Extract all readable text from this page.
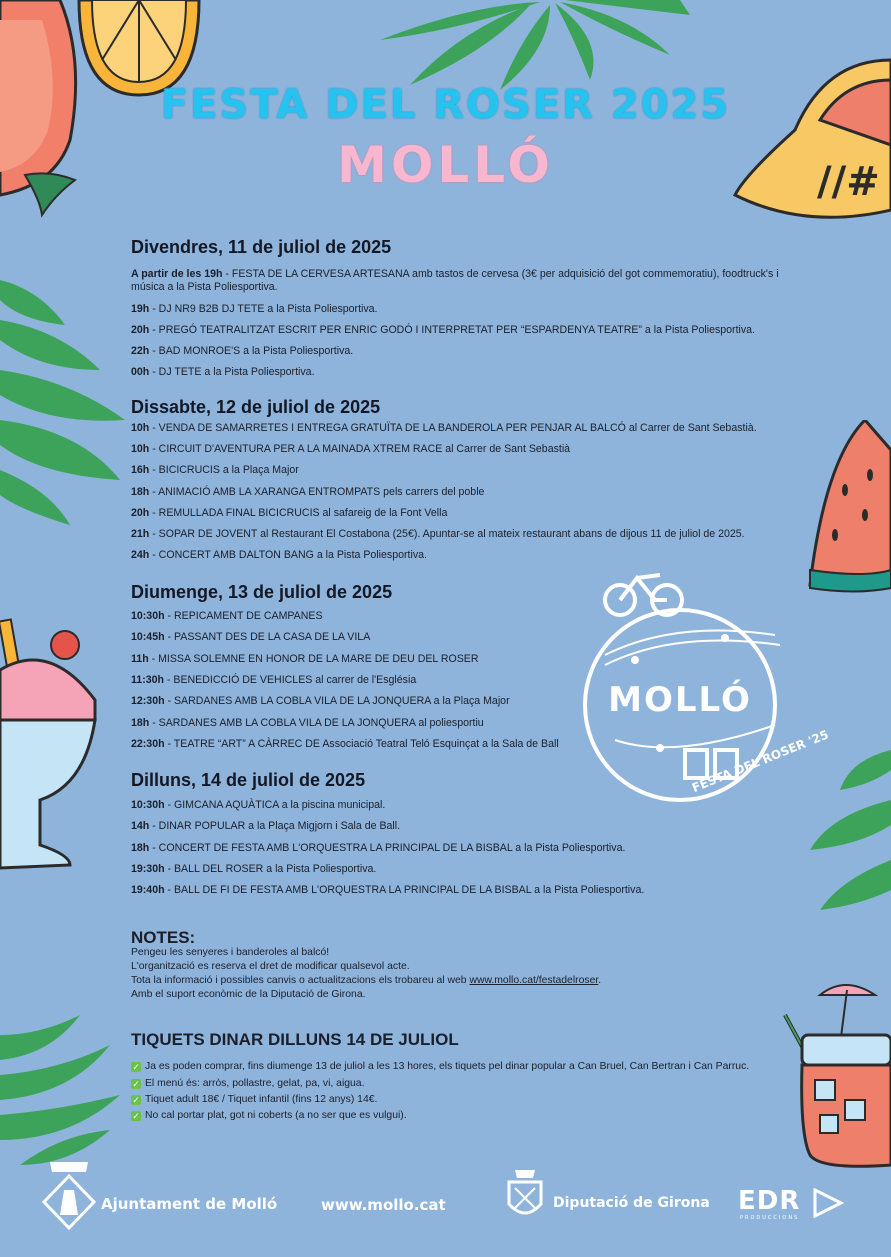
//#
MOLLÓ
FESTA DEL ROSER '25
FESTA DEL ROSER 2025
MOLLÓ
Divendres, 11 de juliol de 2025
A partir de les 19h - FESTA DE LA CERVESA ARTESANA amb tastos de cervesa (3€ per adquisició del got commemoratiu), foodtruck's i música a la Pista Poliesportiva.
19h - DJ NR9 B2B DJ TETE a la Pista Poliesportiva.
20h - PREGÓ TEATRALITZAT ESCRIT PER ENRIC GODÓ I INTERPRETAT PER “ESPARDENYA TEATRE” a la Pista Poliesportiva.
22h - BAD MONROE'S a la Pista Poliesportiva.
00h - DJ TETE a la Pista Poliesportiva.
Dissabte, 12 de juliol de 2025
10h - VENDA DE SAMARRETES I ENTREGA GRATUÏTA DE LA BANDEROLA PER PENJAR AL BALCÓ al Carrer de Sant Sebastià.
10h - CIRCUIT D'AVENTURA PER A LA MAINADA XTREM RACE al Carrer de Sant Sebastià
16h - BICICRUCIS a la Plaça Major
18h - ANIMACIÓ AMB LA XARANGA ENTROMPATS pels carrers del poble
20h - REMULLADA FINAL BICICRUCIS al safareig de la Font Vella
21h - SOPAR DE JOVENT al Restaurant El Costabona (25€). Apuntar-se al mateix restaurant abans de dijous 11 de juliol de 2025.
24h - CONCERT AMB DALTON BANG a la Pista Poliesportiva.
Diumenge, 13 de juliol de 2025
10:30h - REPICAMENT DE CAMPANES
10:45h - PASSANT DES DE LA CASA DE LA VILA
11h - MISSA SOLEMNE EN HONOR DE LA MARE DE DEU DEL ROSER
11:30h - BENEDICCIÓ DE VEHICLES al carrer de l'Església
12:30h - SARDANES AMB LA COBLA VILA DE LA JONQUERA a la Plaça Major
18h - SARDANES AMB LA COBLA VILA DE LA JONQUERA al poliesportiu
22:30h - TEATRE “ART” A CÀRREC DE Associació Teatral Teló Esquinçat a la Sala de Ball
Dilluns, 14 de juliol de 2025
10:30h - GIMCANA AQUÀTICA a la piscina municipal.
14h - DINAR POPULAR a la Plaça Migjorn i Sala de Ball.
18h - CONCERT DE FESTA AMB L'ORQUESTRA LA PRINCIPAL DE LA BISBAL a la Pista Poliesportiva.
19:30h - BALL DEL ROSER a la Pista Poliesportiva.
19:40h - BALL DE FI DE FESTA AMB L'ORQUESTRA LA PRINCIPAL DE LA BISBAL a la Pista Poliesportiva.
NOTES:
Pengeu les senyeres i banderoles al balcó!
L'organització es reserva el dret de modificar qualsevol acte.
Tota la informació i possibles canvis o actualitzacions els trobareu al web www.mollo.cat/festadelroser.
Amb el suport econòmic de la Diputació de Girona.
TIQUETS DINAR DILLUNS 14 DE JULIOL
✓ Ja es poden comprar, fins diumenge 13 de juliol a les 13 hores, els tiquets pel dinar popular a Can Bruel, Can Bertran i Can Parruc.
✓ El menú és: arròs, pollastre, gelat, pa, vi, aigua.
✓ Tiquet adult 18€ / Tiquet infantil (fins 12 anys) 14€.
✓ No cal portar plat, got ni coberts (a no ser que es vulgui).
Ajuntament de Molló	www.mollo.cat	Diputació de Girona EDR
PRODUCCIONS
